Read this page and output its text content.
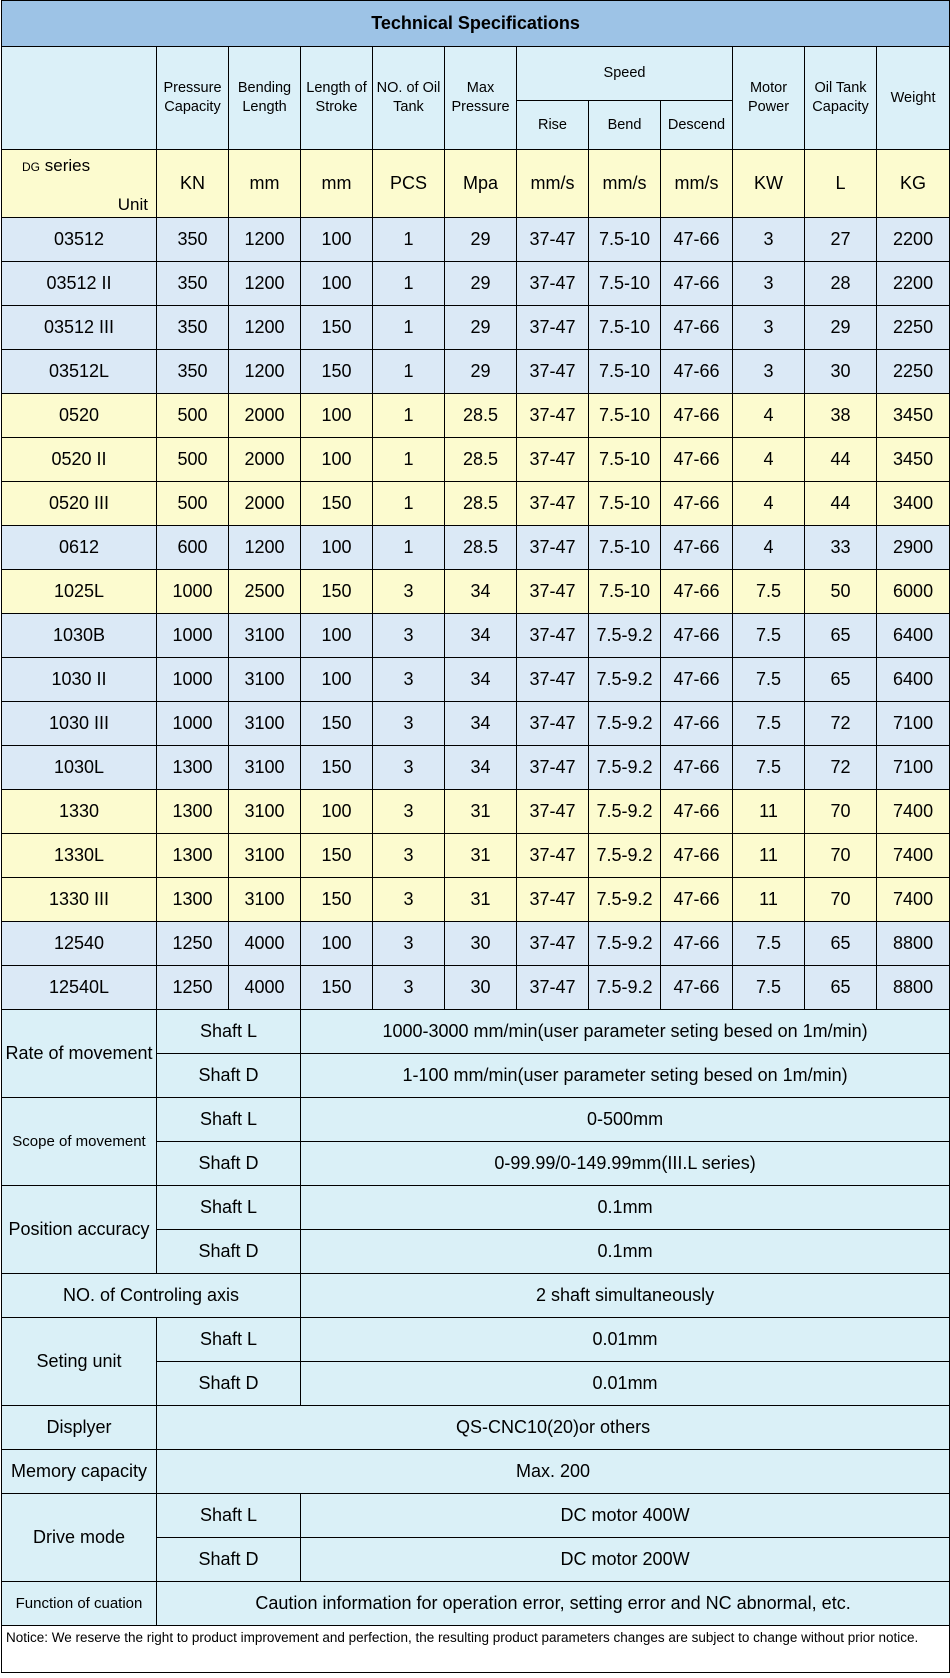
Technical Specifications											
	Pressure Capacity	Bending Length	Length of Stroke	NO. of Oil Tank	Max Pressure	Speed			Motor Power	Oil Tank Capacity	Weight
						Rise	Bend	Descend			

DG series
Unit	KN	mm	mm	PCS	Mpa	mm/s	mm/s	mm/s	KW	L	KG
03512	350	1200	100	1	29	37-47	7.5-10	47-66	3	27	2200
03512 II	350	1200	100	1	29	37-47	7.5-10	47-66	3	28	2200
03512 III	350	1200	150	1	29	37-47	7.5-10	47-66	3	29	2250
03512L	350	1200	150	1	29	37-47	7.5-10	47-66	3	30	2250
0520	500	2000	100	1	28.5	37-47	7.5-10	47-66	4	38	3450
0520 II	500	2000	100	1	28.5	37-47	7.5-10	47-66	4	44	3450
0520 III	500	2000	150	1	28.5	37-47	7.5-10	47-66	4	44	3400
0612	600	1200	100	1	28.5	37-47	7.5-10	47-66	4	33	2900
1025L	1000	2500	150	3	34	37-47	7.5-10	47-66	7.5	50	6000
1030B	1000	3100	100	3	34	37-47	7.5-9.2	47-66	7.5	65	6400
1030 II	1000	3100	100	3	34	37-47	7.5-9.2	47-66	7.5	65	6400
1030 III	1000	3100	150	3	34	37-47	7.5-9.2	47-66	7.5	72	7100
1030L	1300	3100	150	3	34	37-47	7.5-9.2	47-66	7.5	72	7100
1330	1300	3100	100	3	31	37-47	7.5-9.2	47-66	11	70	7400
1330L	1300	3100	150	3	31	37-47	7.5-9.2	47-66	11	70	7400
1330 III	1300	3100	150	3	31	37-47	7.5-9.2	47-66	11	70	7400
12540	1250	4000	100	3	30	37-47	7.5-9.2	47-66	7.5	65	8800
12540L	1250	4000	150	3	30	37-47	7.5-9.2	47-66	7.5	65	8800
Rate of movement	Shaft L		1000-3000 mm/min(user parameter seting besed on 1m/min)								
	Shaft D		1-100 mm/min(user parameter seting besed on 1m/min)								
Scope of movement	Shaft L		0-500mm								
	Shaft D		0-99.99/0-149.99mm(III.L series)								
Position accuracy	Shaft L		0.1mm								
	Shaft D		0.1mm								
NO. of Controling axis			2 shaft simultaneously								
Seting unit	Shaft L		0.01mm								
	Shaft D		0.01mm								
Displyer	QS-CNC10(20)or others										
Memory capacity	Max. 200										
Drive mode	Shaft L		DC motor 400W								
	Shaft D		DC motor 200W								
Function of cuation	Caution information for operation error, setting error and NC abnormal, etc.										
Notice: We reserve the right to product improvement and perfection, the resulting product parameters changes are subject to change without prior notice.											
